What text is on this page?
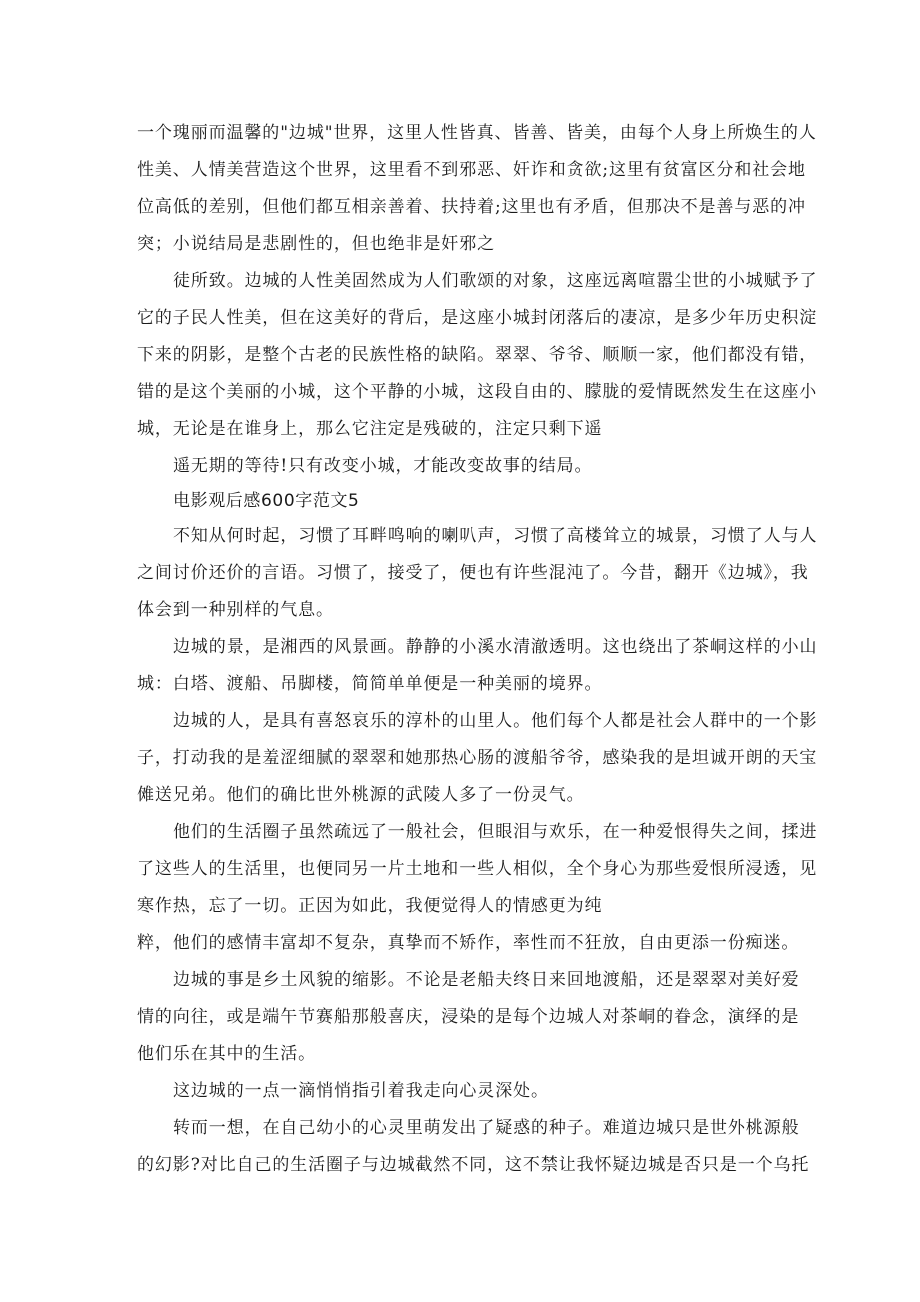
一个瑰丽而温馨的"边城"世界，这里人性皆真、皆善、皆美，由每个人身上所焕生的人
性美、人情美营造这个世界，这里看不到邪恶、奸诈和贪欲;这里有贫富区分和社会地
位高低的差别，但他们都互相亲善着、扶持着;这里也有矛盾，但那决不是善与恶的冲
突；小说结局是悲剧性的，但也绝非是奸邪之
徒所致。边城的人性美固然成为人们歌颂的对象，这座远离喧嚣尘世的小城赋予了
它的子民人性美，但在这美好的背后，是这座小城封闭落后的凄凉，是多少年历史积淀
下来的阴影，是整个古老的民族性格的缺陷。翠翠、爷爷、顺顺一家，他们都没有错，
错的是这个美丽的小城，这个平静的小城，这段自由的、朦胧的爱情既然发生在这座小
城，无论是在谁身上，那么它注定是残破的，注定只剩下遥
遥无期的等待!只有改变小城，才能改变故事的结局。
电影观后感600字范文5
不知从何时起，习惯了耳畔鸣响的喇叭声，习惯了高楼耸立的城景，习惯了人与人
之间讨价还价的言语。习惯了，接受了，便也有许些混沌了。今昔，翻开《边城》，我
体会到一种别样的气息。
边城的景，是湘西的风景画。静静的小溪水清澈透明。这也绕出了茶峒这样的小山
城：白塔、渡船、吊脚楼，简简单单便是一种美丽的境界。
边城的人，是具有喜怒哀乐的淳朴的山里人。他们每个人都是社会人群中的一个影
子，打动我的是羞涩细腻的翠翠和她那热心肠的渡船爷爷，感染我的是坦诚开朗的天宝
傩送兄弟。他们的确比世外桃源的武陵人多了一份灵气。
他们的生活圈子虽然疏远了一般社会，但眼泪与欢乐，在一种爱恨得失之间，揉进
了这些人的生活里，也便同另一片土地和一些人相似，全个身心为那些爱恨所浸透，见
寒作热，忘了一切。正因为如此，我便觉得人的情感更为纯
粹，他们的感情丰富却不复杂，真挚而不矫作，率性而不狂放，自由更添一份痴迷。
边城的事是乡土风貌的缩影。不论是老船夫终日来回地渡船，还是翠翠对美好爱
情的向往，或是端午节赛船那般喜庆，浸染的是每个边城人对茶峒的眷念，演绎的是
他们乐在其中的生活。
这边城的一点一滴悄悄指引着我走向心灵深处。
转而一想，在自己幼小的心灵里萌发出了疑惑的种子。难道边城只是世外桃源般
的幻影?对比自己的生活圈子与边城截然不同，这不禁让我怀疑边城是否只是一个乌托
